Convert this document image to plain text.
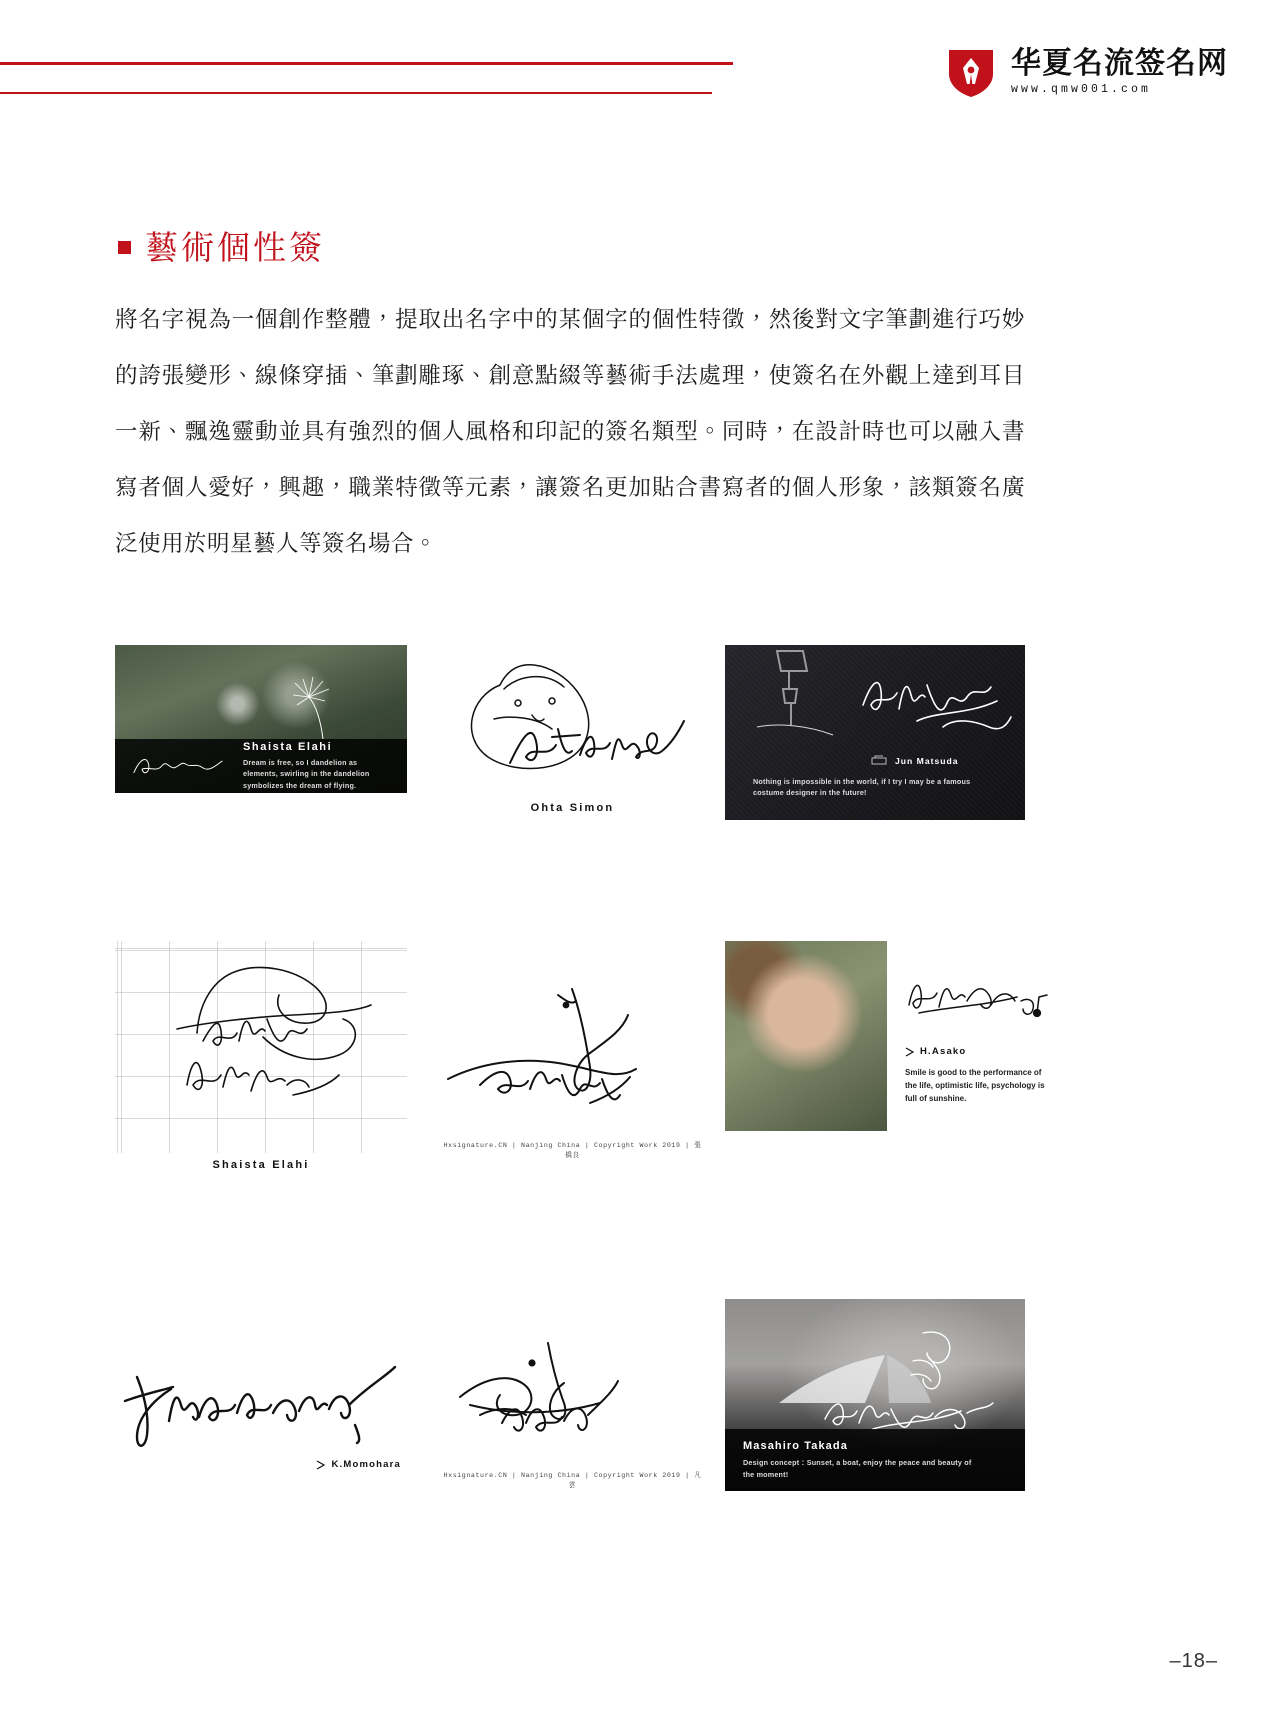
华夏名流签名网
www.qmw001.com
藝術個性簽
將名字視為一個創作整體，提取出名字中的某個字的個性特徵，然後對文字筆劃進行巧妙的誇張變形、線條穿插、筆劃雕琢、創意點綴等藝術手法處理，使簽名在外觀上達到耳目一新、飄逸靈動並具有強烈的個人風格和印記的簽名類型。同時，在設計時也可以融入書寫者個人愛好，興趣，職業特徵等元素，讓簽名更加貼合書寫者的個人形象，該類簽名廣泛使用於明星藝人等簽名場合。
Shaista Elahi
Dream is free, so I dandelion as elements, swirling in the dandelion symbolizes the dream of flying.
Ohta Simon
Jun Matsuda
Nothing is impossible in the world, if I try I may be a famous costume designer in the future!
Shaista Elahi
Hxsignature.CN | Nanjing China | Copyright Work 2019 | 張橋良
H.Asako
Smile is good to the performance of the life, optimistic life, psychology is full of sunshine.
K.Momohara
Hxsignature.CN | Nanjing China | Copyright Work 2019 | 凡雲
Masahiro Takada
Design concept：Sunset, a boat, enjoy the peace and beauty of the moment!
–18–
